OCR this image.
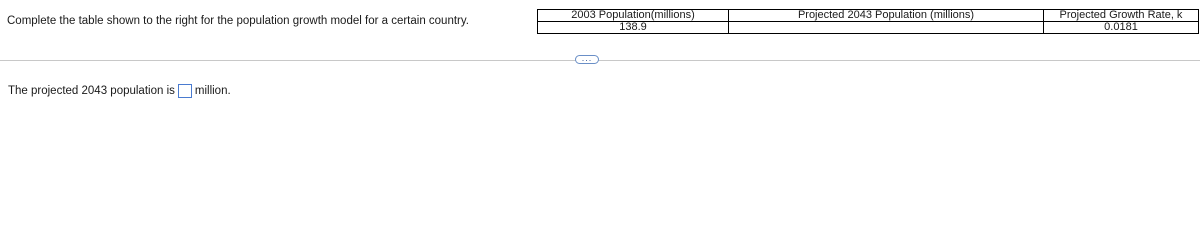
Complete the table shown to the right for the population growth model for a certain country.	2003 Population(millions)	Projected 2043 Population (millions)	Projected Growth Rate, k
138.9		0.0181
...
The projected 2043 population is million.
